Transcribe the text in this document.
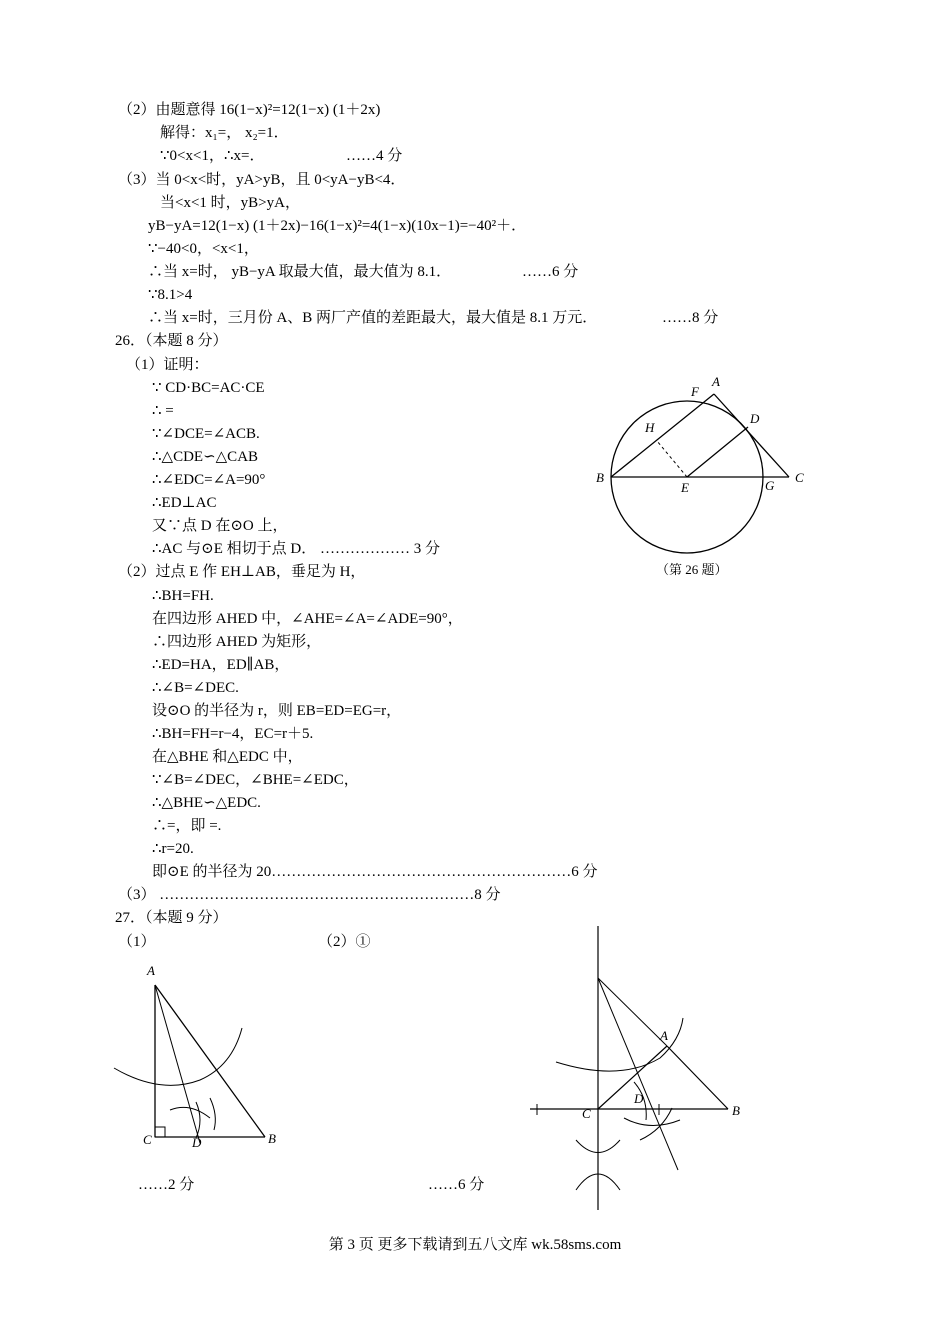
（2）由题意得 16(1−x)²=12(1−x) (1＋2x)
解得：x₁=， x₂=1．
∵0<x<1，∴x=．	……4 分
（3）当 0<x<时，yA>yB，且 0<yA−yB<4．
当<x<1 时，yB>yA，
yB−yA=12(1−x) (1＋2x)−16(1−x)²=4(1−x)(10x−1)=−40²＋．
∵−40<0，<x<1，
∴当 x=时， yB−yA 取最大值，最大值为 8.1．	……6 分
∵8.1>4
∴当 x=时，三月份 A、B 两厂产值的差距最大，最大值是 8.1 万元．	……8 分
26．（本题 8 分）
（1）证明：
∵ CD·BC=AC·CE
∴ =
∵∠DCE=∠ACB.
∴△CDE∽△CAB
∴∠EDC=∠A=90°
∴ED⊥AC
又∵点 D 在⊙O 上，
∴AC 与⊙E 相切于点 D． ……………… 3 分
（2）过点 E 作 EH⊥AB，垂足为 H，
∴BH=FH.
在四边形 AHED 中，∠AHE=∠A=∠ADE=90°，
∴四边形 AHED 为矩形，
∴ED=HA，ED∥AB，
∴∠B=∠DEC.
设⊙O 的半径为 r，则 EB=ED=EG=r，
∴BH=FH=r−4，EC=r＋5.
在△BHE 和△EDC 中，
∵∠B=∠DEC，∠BHE=∠EDC，
∴△BHE∽△EDC.
∴=，即 =.
∴r=20.
即⊙E 的半径为 20……………………………………………………6 分
（3） ………………………………………………………8 分
B	C
A
F
D
H
E	G
（第 26 题）
27．（本题 9 分）
（1）	（2）①
A
C	D	B
……2 分
A
D
C	B
……6 分
第 3 页 更多下载请到五八文库 wk.58sms.com
